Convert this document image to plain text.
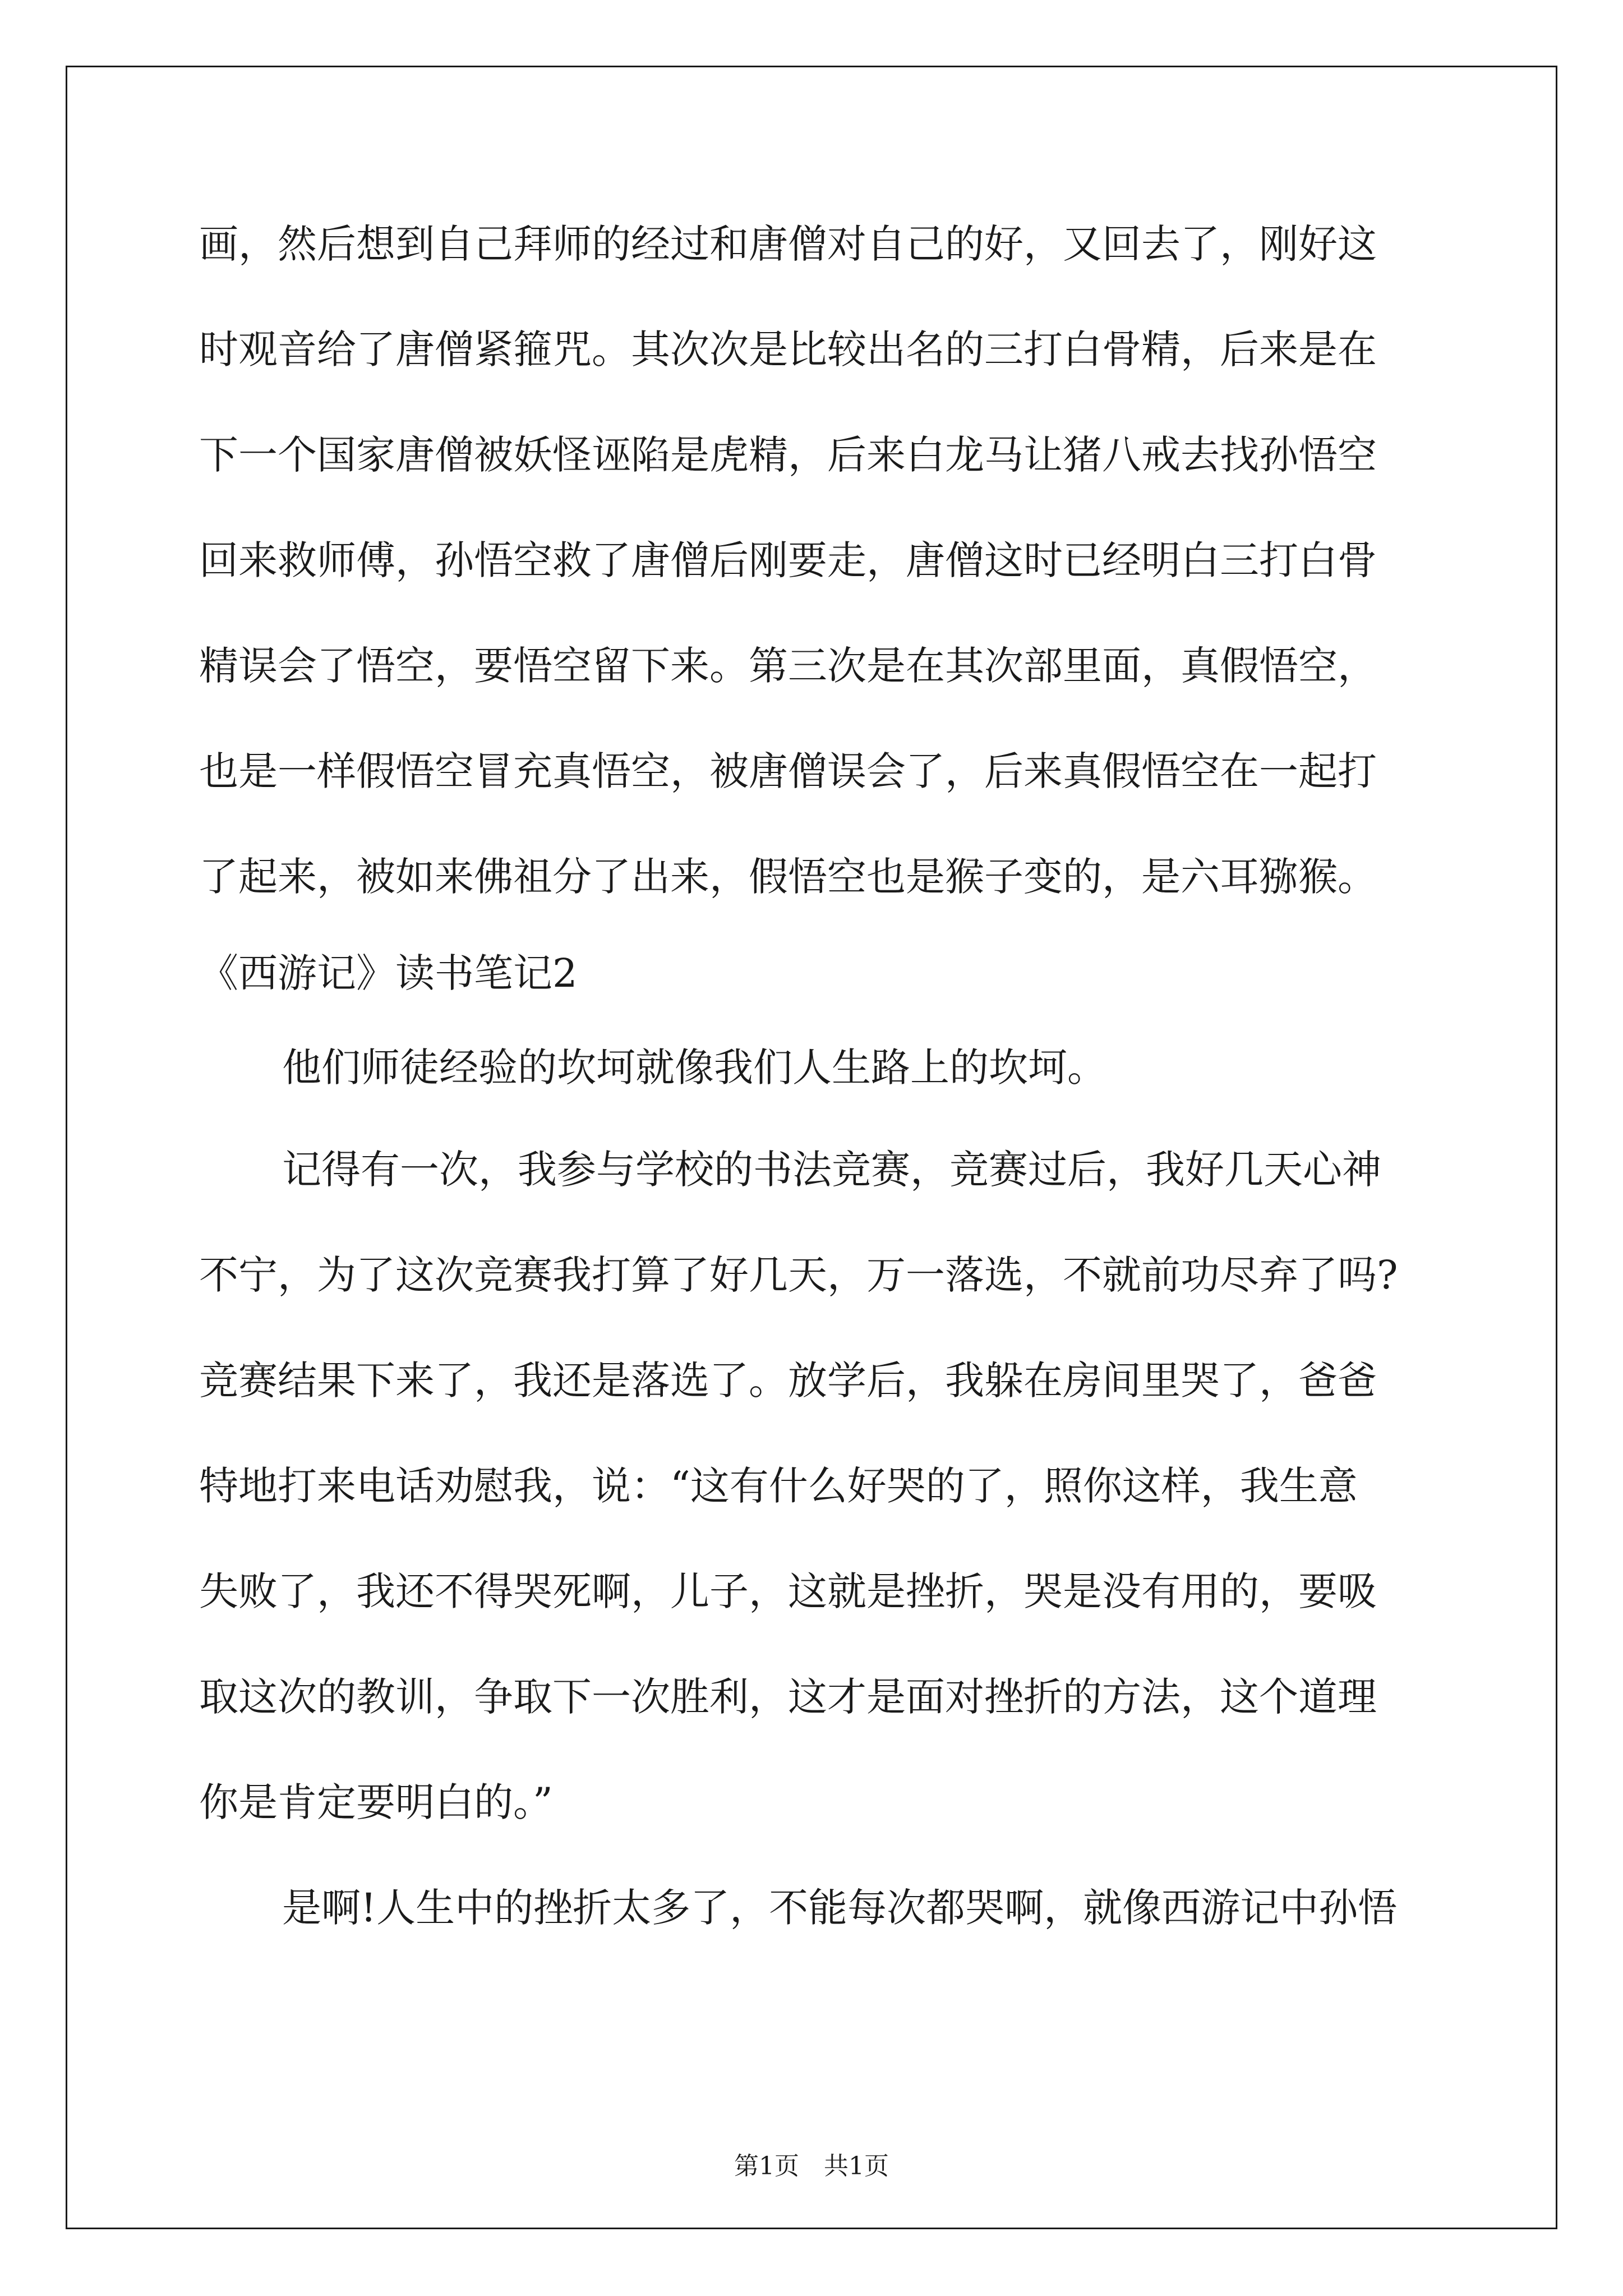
画，然后想到自己拜师的经过和唐僧对自己的好，又回去了，刚好这
时观音给了唐僧紧箍咒。其次次是比较出名的三打白骨精，后来是在
下一个国家唐僧被妖怪诬陷是虎精，后来白龙马让猪八戒去找孙悟空
回来救师傅，孙悟空救了唐僧后刚要走，唐僧这时已经明白三打白骨
精误会了悟空，要悟空留下来。第三次是在其次部里面，真假悟空，
也是一样假悟空冒充真悟空，被唐僧误会了，后来真假悟空在一起打
了起来，被如来佛祖分了出来，假悟空也是猴子变的，是六耳猕猴。
《西游记》读书笔记2
他们师徒经验的坎坷就像我们人生路上的坎坷。
记得有一次，我参与学校的书法竞赛，竞赛过后，我好几天心神
不宁，为了这次竞赛我打算了好几天，万一落选，不就前功尽弃了吗?
竞赛结果下来了，我还是落选了。放学后，我躲在房间里哭了，爸爸
特地打来电话劝慰我，说：“这有什么好哭的了，照你这样，我生意
失败了，我还不得哭死啊，儿子，这就是挫折，哭是没有用的，要吸
取这次的教训，争取下一次胜利，这才是面对挫折的方法，这个道理
你是肯定要明白的。”
是啊!人生中的挫折太多了，不能每次都哭啊，就像西游记中孙悟
第1页 共1页
